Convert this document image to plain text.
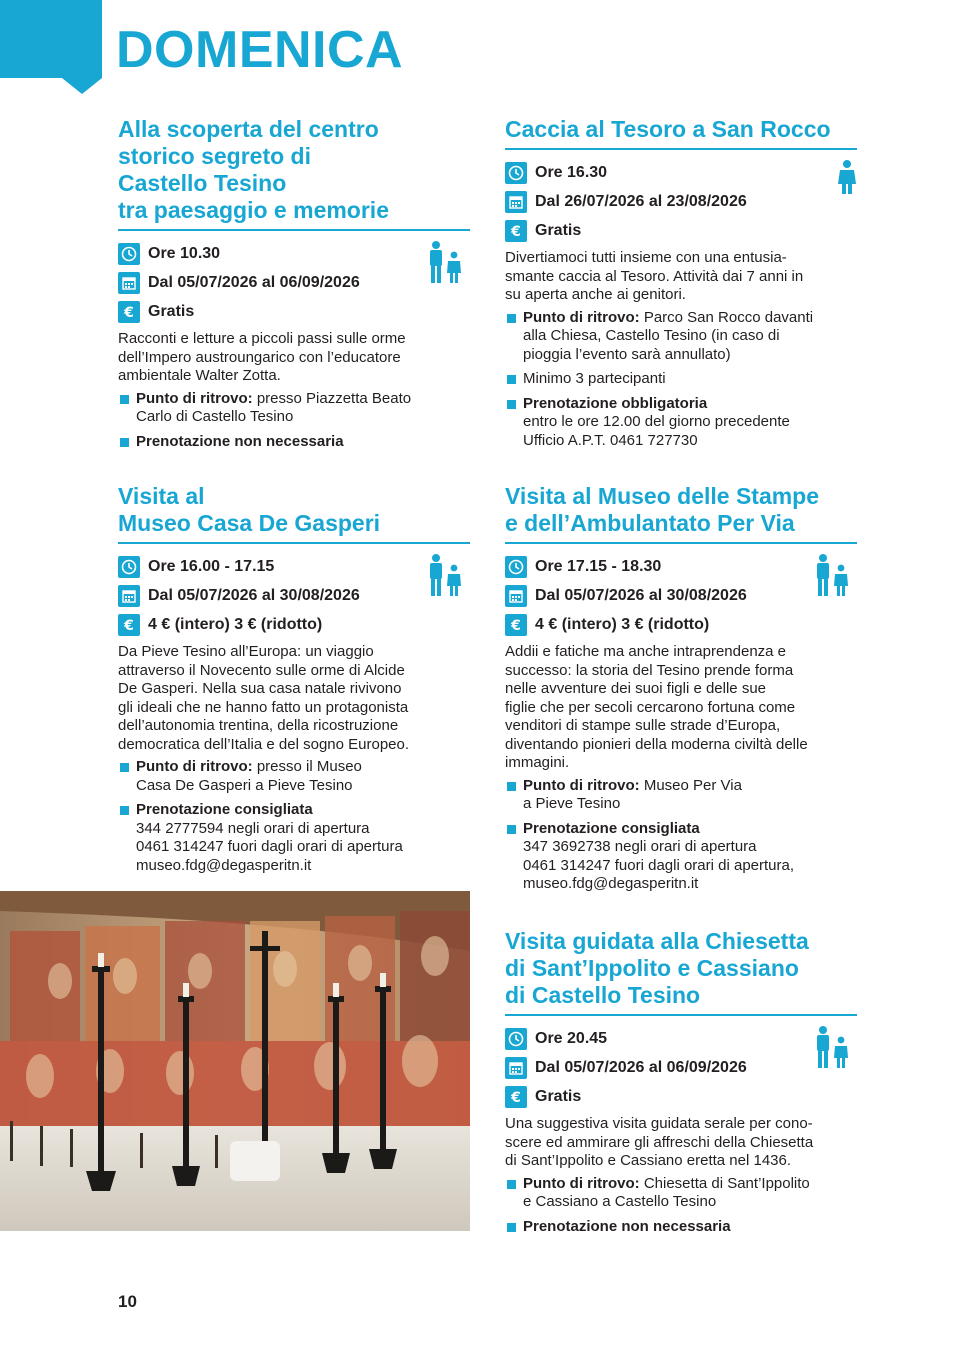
DOMENICA
Alla scoperta del centro
storico segreto di
Castello Tesino
tra paesaggio e memorie
Ore 10.30
Dal 05/07/2026 al 06/09/2026
€ Gratis

Racconti e letture a piccoli passi sulle orme
dell’Impero austroungarico con l’educatore
ambientale Walter Zotta.

Punto di ritrovo: presso Piazzetta Beato
Carlo di Castello Tesino
Prenotazione non necessaria
Caccia al Tesoro a San Rocco
Ore 16.30
Dal 26/07/2026 al 23/08/2026
€ Gratis

Divertiamoci tutti insieme con una entusia-
smante caccia al Tesoro. Attività dai 7 anni in
su aperta anche ai genitori.

Punto di ritrovo: Parco San Rocco davanti
alla Chiesa, Castello Tesino (in caso di
pioggia l’evento sarà annullato)
Minimo 3 partecipanti
Prenotazione obbligatoria
entro le ore 12.00 del giorno precedente
Ufficio A.P.T. 0461 727730
Visita al
Museo Casa De Gasperi
Ore 16.00 - 17.15
Dal 05/07/2026 al 30/08/2026
€ 4 € (intero) 3 € (ridotto)

Da Pieve Tesino all’Europa: un viaggio
attraverso il Novecento sulle orme di Alcide
De Gasperi. Nella sua casa natale rivivono
gli ideali che ne hanno fatto un protagonista
dell’autonomia trentina, della ricostruzione
democratica dell’Italia e del sogno Europeo.

Punto di ritrovo: presso il Museo
Casa De Gasperi a Pieve Tesino
Prenotazione consigliata
344 2777594 negli orari di apertura
0461 314247 fuori dagli orari di apertura
museo.fdg@degasperitn.it
Visita al Museo delle Stampe
e dell’Ambulantato Per Via
Ore 17.15 - 18.30
Dal 05/07/2026 al 30/08/2026
€ 4 € (intero) 3 € (ridotto)

Addii e fatiche ma anche intraprendenza e
successo: la storia del Tesino prende forma
nelle avventure dei suoi figli e delle sue
figlie che per secoli cercarono fortuna come
venditori di stampe sulle strade d’Europa,
diventando pionieri della moderna civiltà delle
immagini.

Punto di ritrovo: Museo Per Via
a Pieve Tesino
Prenotazione consigliata
347 3692738 negli orari di apertura
0461 314247 fuori dagli orari di apertura,
museo.fdg@degasperitn.it
Visita guidata alla Chiesetta
di Sant’Ippolito e Cassiano
di Castello Tesino
Ore 20.45
Dal 05/07/2026 al 06/09/2026
€ Gratis

Una suggestiva visita guidata serale per cono-
scere ed ammirare gli affreschi della Chiesetta
di Sant’Ippolito e Cassiano eretta nel 1436.

Punto di ritrovo: Chiesetta di Sant’Ippolito
e Cassiano a Castello Tesino
Prenotazione non necessaria
10
